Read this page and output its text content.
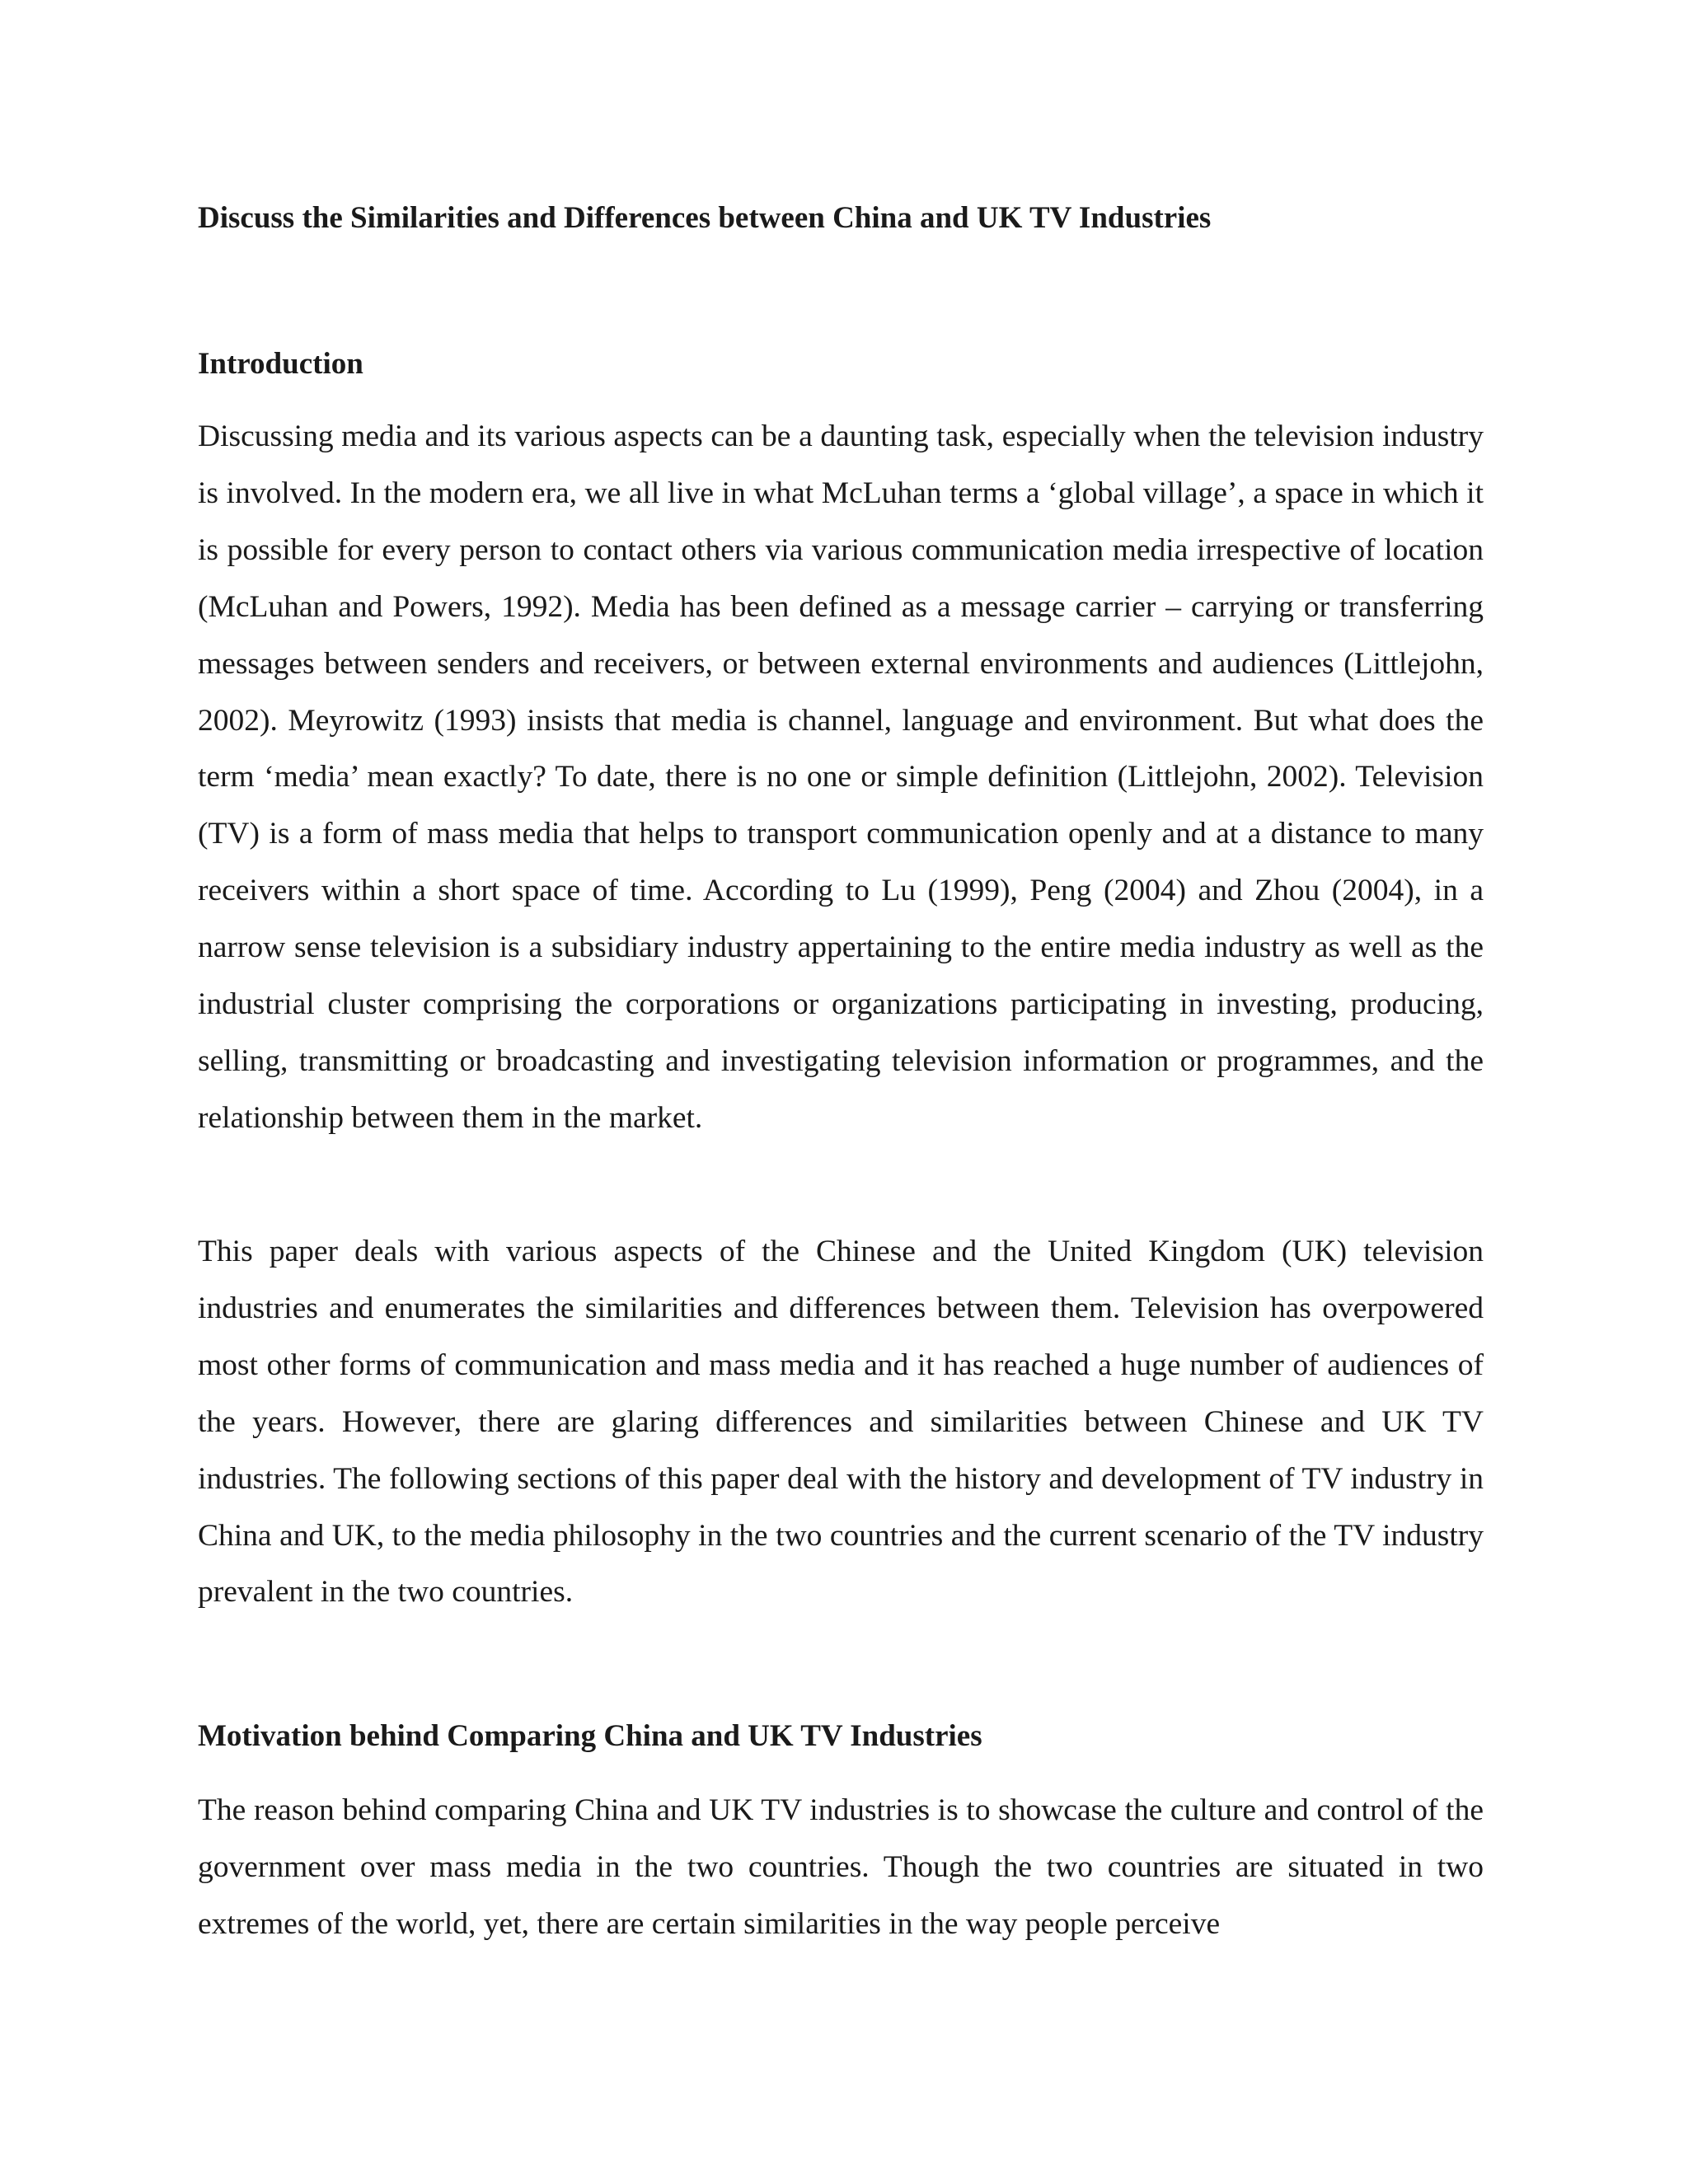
Discuss the Similarities and Differences between China and UK TV Industries
Introduction

Discussing media and its various aspects can be a daunting task, especially when the television industry is involved. In the modern era, we all live in what McLuhan terms a ‘global village’, a space in which it is possible for every person to contact others via various communication media irrespective of location (McLuhan and Powers, 1992). Media has been defined as a message carrier – carrying or transferring messages between senders and receivers, or between external environments and audiences (Littlejohn, 2002). Meyrowitz (1993) insists that media is channel, language and environment. But what does the term ‘media’ mean exactly? To date, there is no one or simple definition (Littlejohn, 2002). Television (TV) is a form of mass media that helps to transport communication openly and at a distance to many receivers within a short space of time. According to Lu (1999), Peng (2004) and Zhou (2004), in a narrow sense television is a subsidiary industry appertaining to the entire media industry as well as the industrial cluster comprising the corporations or organizations participating in investing, producing, selling, transmitting or broadcasting and investigating television information or programmes, and the relationship between them in the market.

This paper deals with various aspects of the Chinese and the United Kingdom (UK) television industries and enumerates the similarities and differences between them. Television has overpowered most other forms of communication and mass media and it has reached a huge number of audiences of the years. However, there are glaring differences and similarities between Chinese and UK TV industries. The following sections of this paper deal with the history and development of TV industry in China and UK, to the media philosophy in the two countries and the current scenario of the TV industry prevalent in the two countries.

Motivation behind Comparing China and UK TV Industries

The reason behind comparing China and UK TV industries is to showcase the culture and control of the government over mass media in the two countries. Though the two countries are situated in two extremes of the world, yet, there are certain similarities in the way people perceive
